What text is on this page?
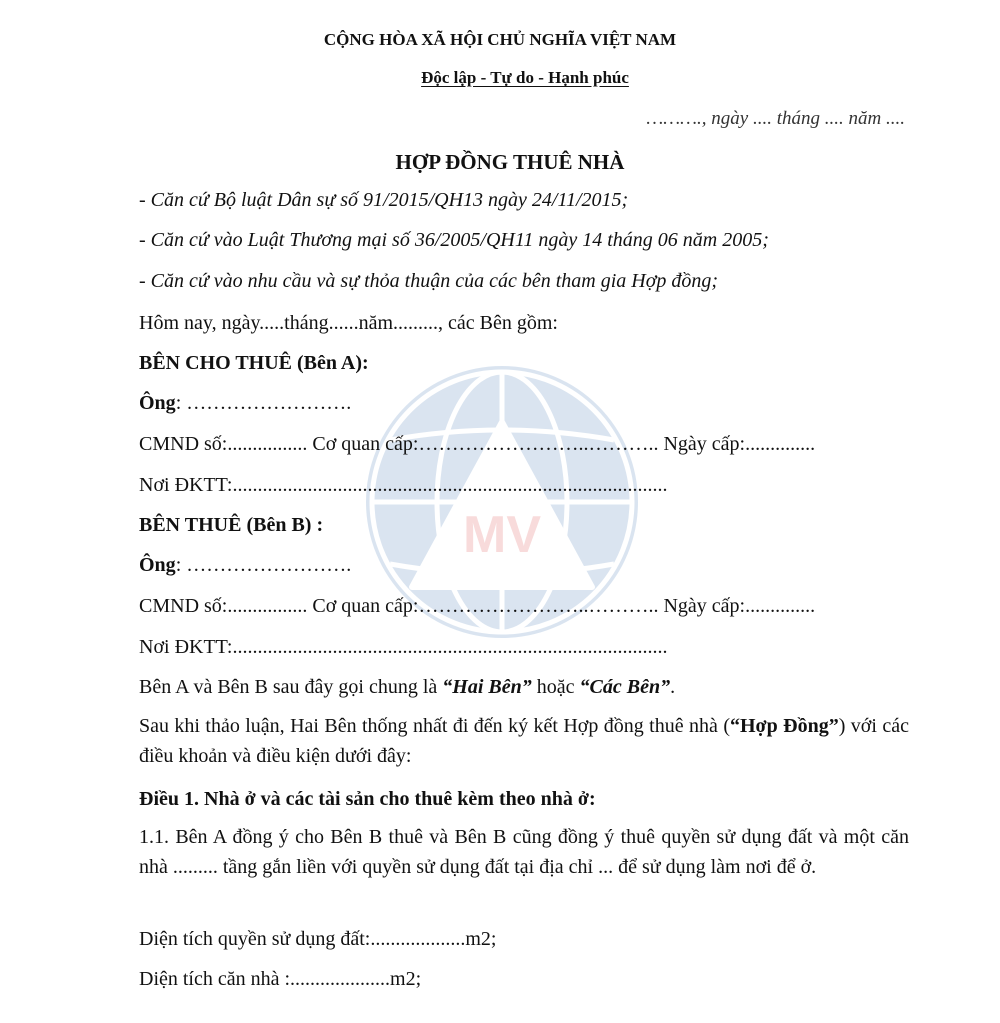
MV
CỘNG HÒA XÃ HỘI CHỦ NGHĨA VIỆT NAM
Độc lập - Tự do - Hạnh phúc
………., ngày .... tháng .... năm ....
HỢP ĐỒNG THUÊ NHÀ
- Căn cứ Bộ luật Dân sự số 91/2015/QH13 ngày 24/11/2015;
- Căn cứ vào Luật Thương mại số 36/2005/QH11 ngày 14 tháng 06 năm 2005;
- Căn cứ vào nhu cầu và sự thỏa thuận của các bên tham gia Hợp đồng;
Hôm nay, ngày.....tháng......năm........., các Bên gồm:
BÊN CHO THUÊ (Bên A):
Ông: …………………….
CMND số:................ Cơ quan cấp:……………………..……….. Ngày cấp:..............
Nơi ĐKTT:.......................................................................................
BÊN THUÊ (Bên B) :
Ông: …………………….
CMND số:................ Cơ quan cấp:……………………..……….. Ngày cấp:..............
Nơi ĐKTT:.......................................................................................
Bên A và Bên B sau đây gọi chung là “Hai Bên” hoặc “Các Bên”.
Sau khi thảo luận, Hai Bên thống nhất đi đến ký kết Hợp đồng thuê nhà (“Hợp Đồng”) với các điều khoản và điều kiện dưới đây:
Điều 1. Nhà ở và các tài sản cho thuê kèm theo nhà ở:
1.1. Bên A đồng ý cho Bên B thuê và Bên B cũng đồng ý thuê quyền sử dụng đất và một căn nhà ......... tầng gắn liền với quyền sử dụng đất tại địa chỉ ... để sử dụng làm nơi để ở.
Diện tích quyền sử dụng đất:...................m2;
Diện tích căn nhà :....................m2;
